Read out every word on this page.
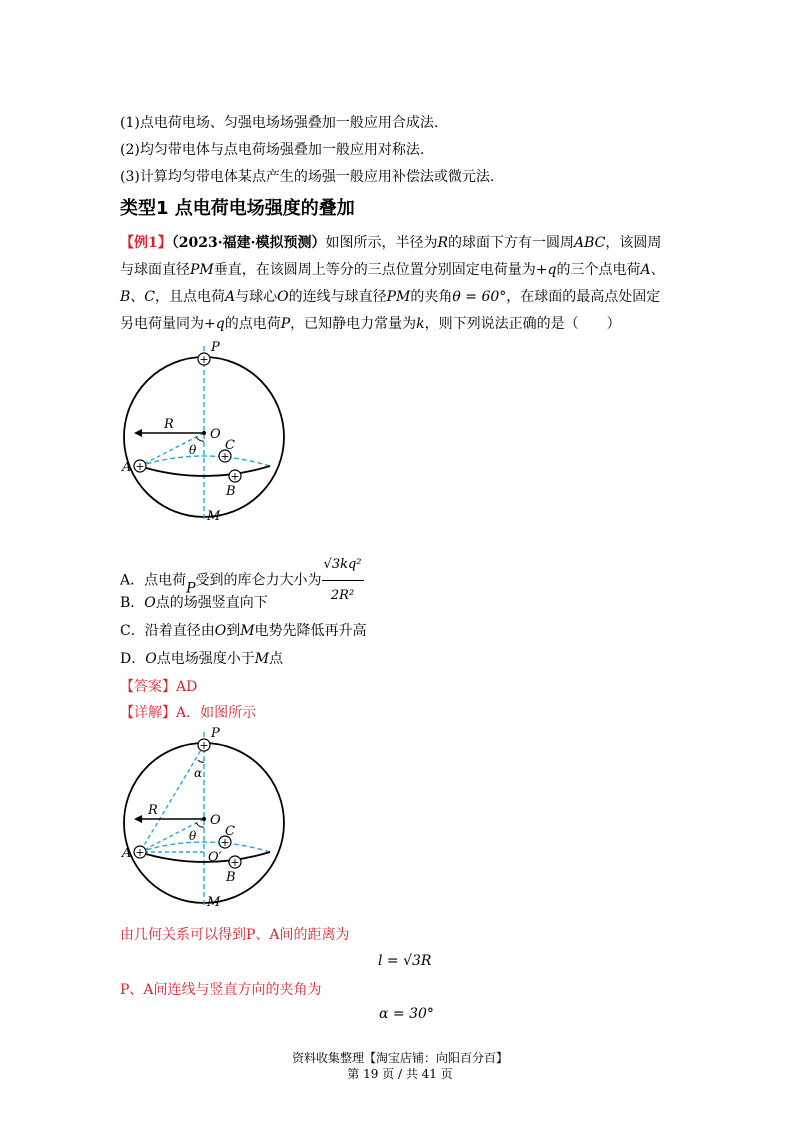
(1)点电荷电场、匀强电场场强叠加一般应用合成法.
(2)均匀带电体与点电荷场强叠加一般应用对称法.
(3)计算均匀带电体某点产生的场强一般应用补偿法或微元法.
类型1 点电荷电场强度的叠加
【例1】（2023·福建·模拟预测）如图所示，半径为R的球面下方有一圆周ABC，该圆周
与球面直径PM垂直，在该圆周上等分的三点位置分别固定电荷量为+q的三个点电荷A、
B、C，且点电荷A与球心O的连线与球直径PM的夹角θ = 60°，在球面的最高点处固定
另电荷量同为+q的点电荷P，已知静电力常量为k，则下列说法正确的是（　　）
+
+
+
+
P
R
O
θ C
A
B
M
A．点电荷P受到的库仑力大小为 $\frac{\text{√3kq²}}{\text{2R²}}$
B．O点的场强竖直向下
C．沿着直径由O到M电势先降低再升高
D．O点电场强度小于M点
【答案】AD
【详解】A．如图所示
+
+
+
+
P
α
R
O
θ C
A	O′
B
M
由几何关系可以得到P、A间的距离为
l = √3R
P、A间连线与竖直方向的夹角为
α = 30°
资料收集整理【淘宝店铺：向阳百分百】
第 19 页 / 共 41 页
